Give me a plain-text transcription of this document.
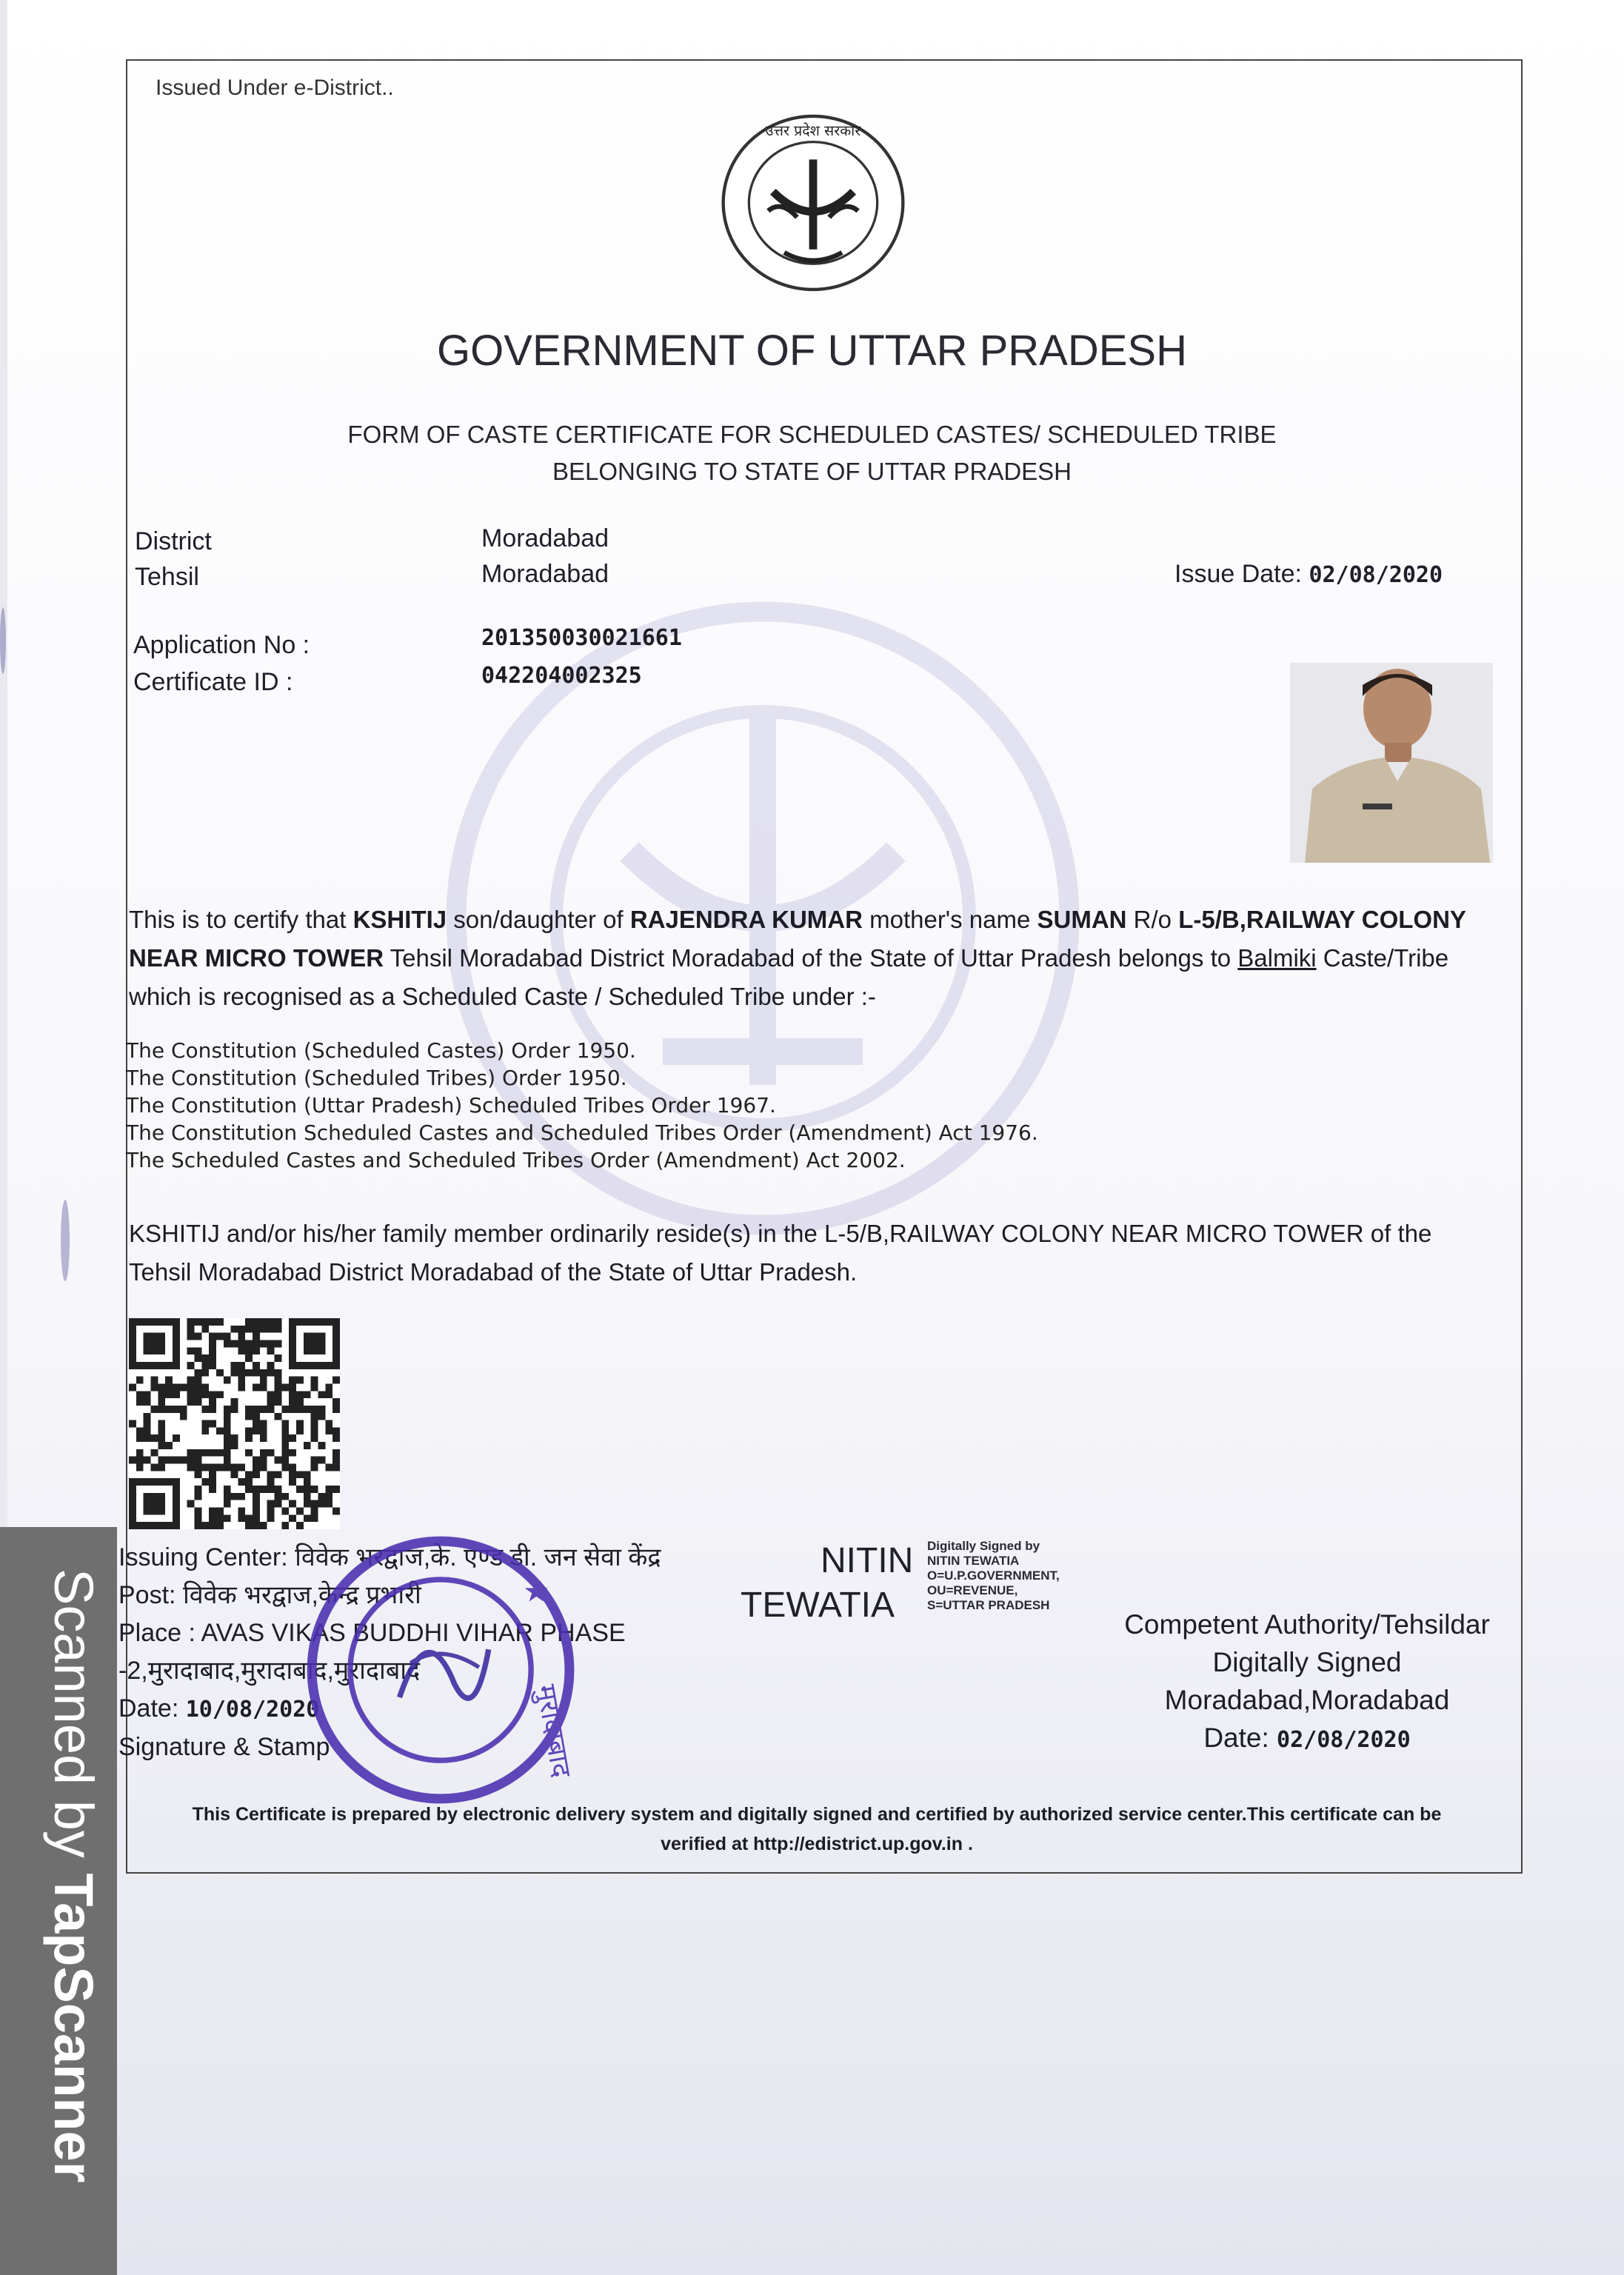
Issued Under e-District..
उत्तर प्रदेश सरकार
GOVERNMENT OF UTTAR PRADESH
FORM OF CASTE CERTIFICATE FOR SCHEDULED CASTES/ SCHEDULED TRIBE
BELONGING TO STATE OF UTTAR PRADESH
District	Moradabad
Tehsil	Moradabad	Issue Date: 02/08/2020
Application No :	201350030021661
Certificate ID :	042204002325
This is to certify that KSHITIJ son/daughter of RAJENDRA KUMAR mother's name SUMAN R/o L-5/B,RAILWAY COLONY NEAR MICRO TOWER Tehsil Moradabad District Moradabad of the State of Uttar Pradesh belongs to Balmiki Caste/Tribe which is recognised as a Scheduled Caste / Scheduled Tribe under :-
The Constitution (Scheduled Castes) Order 1950.
The Constitution (Scheduled Tribes) Order 1950.
The Constitution (Uttar Pradesh) Scheduled Tribes Order 1967.
The Constitution Scheduled Castes and Scheduled Tribes Order (Amendment) Act 1976.
The Scheduled Castes and Scheduled Tribes Order (Amendment) Act 2002.
KSHITIJ and/or his/her family member ordinarily reside(s) in the L-5/B,RAILWAY COLONY NEAR MICRO TOWER of the Tehsil Moradabad District Moradabad of the State of Uttar Pradesh.
Issuing Center: विवेक भरद्वाज,के. एण्ड डी. जन सेवा केंद्र
Post: विवेक भरद्वाज,केन्द्र प्रभारी
Place : AVAS VIKAS BUDDHI VIHAR PHASE
-2,मुरादाबाद,मुरादाबाद,मुरादाबाद
Date: 10/08/2020
Signature & Stamp	मुरादाबाद
★
NITIN
TEWATIA
Digitally Signed by
NITIN TEWATIA
O=U.P.GOVERNMENT,
OU=REVENUE,
S=UTTAR PRADESH
Competent Authority/Tehsildar
Digitally Signed
Moradabad,Moradabad
Date: 02/08/2020
This Certificate is prepared by electronic delivery system and digitally signed and certified by authorized service center.This certificate can be
verified at http://edistrict.up.gov.in .
Scanned by TapScanner
